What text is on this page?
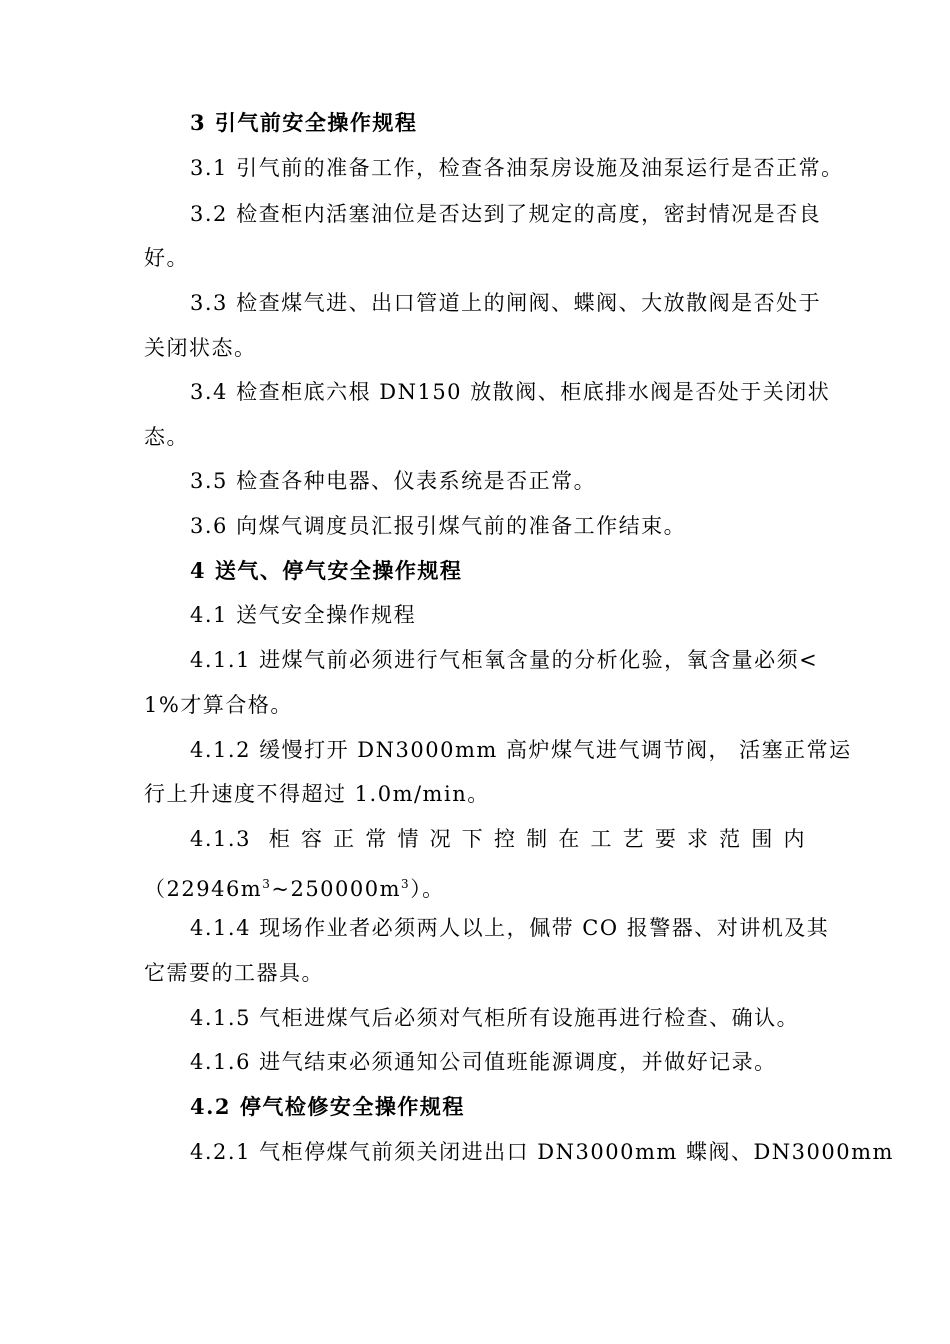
3 引气前安全操作规程
3.1 引气前的准备工作，检查各油泵房设施及油泵运行是否正常。
3.2 检查柜内活塞油位是否达到了规定的高度，密封情况是否良
好。
3.3 检查煤气进、出口管道上的闸阀、蝶阀、大放散阀是否处于
关闭状态。
3.4 检查柜底六根 DN150 放散阀、柜底排水阀是否处于关闭状
态。
3.5 检查各种电器、仪表系统是否正常。
3.6 向煤气调度员汇报引煤气前的准备工作结束。
4 送气、停气安全操作规程
4.1 送气安全操作规程
4.1.1 进煤气前必须进行气柜氧含量的分析化验，氧含量必须<
1%才算合格。
4.1.2 缓慢打开 DN3000mm 高炉煤气进气调节阀， 活塞正常运
行上升速度不得超过 1.0m/min。
4.1.3 柜容正常情况下控制在工艺要求范围内
$(22946m^3\sim 250000m^3)$。
4.1.4 现场作业者必须两人以上，佩带 CO 报警器、对讲机及其
它需要的工器具。
4.1.5 气柜进煤气后必须对气柜所有设施再进行检查、确认。
4.1.6 进气结束必须通知公司值班能源调度，并做好记录。
4.2 停气检修安全操作规程
4.2.1 气柜停煤气前须关闭进出口 DN3000mm 蝶阀、DN3000mm
